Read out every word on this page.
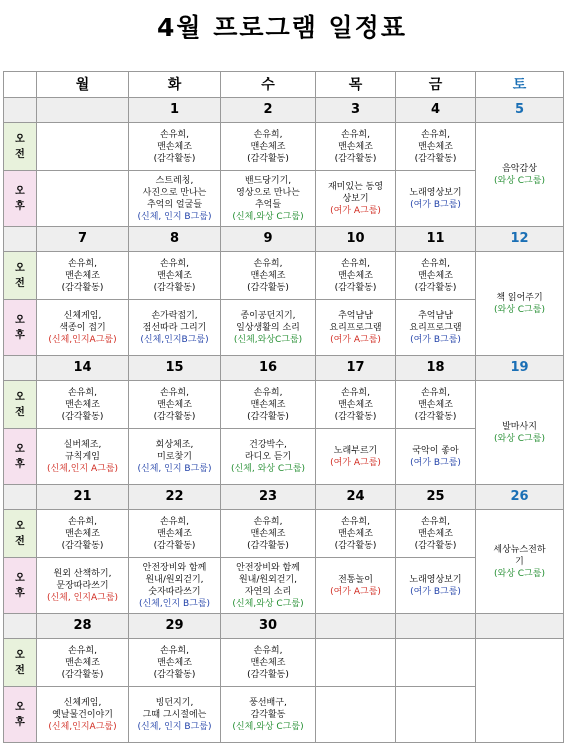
4월 프로그램 일정표
	월	화	수	목	금	토
		1	2	3	4	5

오
전		손유희,
맨손체조
(감각활동)	손유희,
맨손체조
(감각활동)	손유희,
맨손체조
(감각활동)	손유희,
맨손체조
(감각활동)	음악감상
(와상 C그룹)

오
후		스트레칭,
사진으로 만나는
추억의 얼굴들
(신체, 인지 B그룹)	밴드당기기,
영상으로 만나는
추억들
(신체,와상 C그룹)	재미있는 동영
상보기
(여가 A그룹)	노래영상보기
(여가 B그룹)	

	7	8	9	10	11	12

오
전	손유희,
맨손체조
(감각활동)	손유희,
맨손체조
(감각활동)	손유희,
맨손체조
(감각활동)	손유희,
맨손체조
(감각활동)	손유희,
맨손체조
(감각활동)	책 읽어주기
(와상 C그룹)

오
후	신체게임,
색종이 접기
(신체,인지A그룹)	손가락접기,
점선따라 그리기
(신체,인지B그룹)	종이공던지기,
일상생활의 소리
(신체,와상C그룹)	추억냠냠
요리프로그램
(여가 A그룹)	추억냠냠
요리프로그램
(여가 B그룹)	

	14	15	16	17	18	19

오
전	손유희,
맨손체조
(감각활동)	손유희,
맨손체조
(감각활동)	손유희,
맨손체조
(감각활동)	손유희,
맨손체조
(감각활동)	손유희,
맨손체조
(감각활동)	발마사지
(와상 C그룹)

오
후	실버체조,
규칙게임
(신체,인지 A그룹)	회상체조,
미로찾기
(신체, 인지 B그룹)	건강박수,
라디오 듣기
(신체, 와상 C그룹)	노래부르기
(여가 A그룹)	국악이 좋아
(여가 B그룹)	

	21	22	23	24	25	26

오
전	손유희,
맨손체조
(감각활동)	손유희,
맨손체조
(감각활동)	손유희,
맨손체조
(감각활동)	손유희,
맨손체조
(감각활동)	손유희,
맨손체조
(감각활동)	세상뉴스전하
기
(와상 C그룹)

오
후	원외 산책하기,
문장따라쓰기
(신체, 인지A그룹)	안전장비와 함께
원내/원외걷기,
숫자따라쓰기
(신체,인지 B그룹)	안전장비와 함께
원내/원외걷기,
자연의 소리
(신체,와상 C그룹)	전통놀이
(여가 A그룹)	노래영상보기
(여가 B그룹)	

	28	29	30			

오
전	손유희,
맨손체조
(감각활동)	손유희,
맨손체조
(감각활동)	손유희,
맨손체조
(감각활동)			

오
후	신체게임,
옛날물건이야기
(신체,인지A그룹)	빙던지기,
그때 그시절에는
(신체, 인지 B그룹)	풍선배구,
감각활동
(신체,와상 C그룹)			
